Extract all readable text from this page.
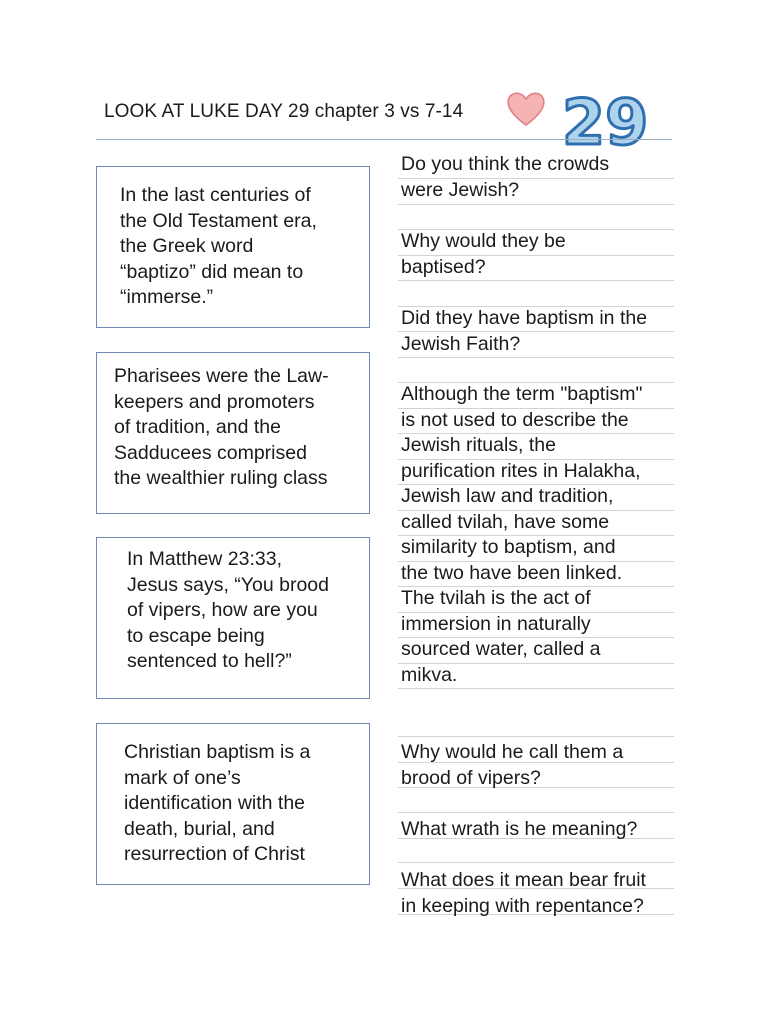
LOOK AT LUKE DAY 29 chapter 3 vs 7-14 29
In the last centuries of
the Old Testament era,
the Greek word
“baptizo” did mean to
“immerse.”
Pharisees were the Law-
keepers and promoters
of tradition, and the
Sadducees comprised
the wealthier ruling class
In Matthew 23:33,
Jesus says, “You brood
of vipers, how are you
to escape being
sentenced to hell?”
Christian baptism is a
mark of one’s
identification with the
death, burial, and
resurrection of Christ
Do you think the crowds
were Jewish?
Why would they be
baptised?
Did they have baptism in the
Jewish Faith?
Although the term "baptism"
is not used to describe the
Jewish rituals, the
purification rites in Halakha,
Jewish law and tradition,
called tvilah, have some
similarity to baptism, and
the two have been linked.
The tvilah is the act of
immersion in naturally
sourced water, called a
mikva.
Why would he call them a
brood of vipers?
What wrath is he meaning?
What does it mean bear fruit
in keeping with repentance?
